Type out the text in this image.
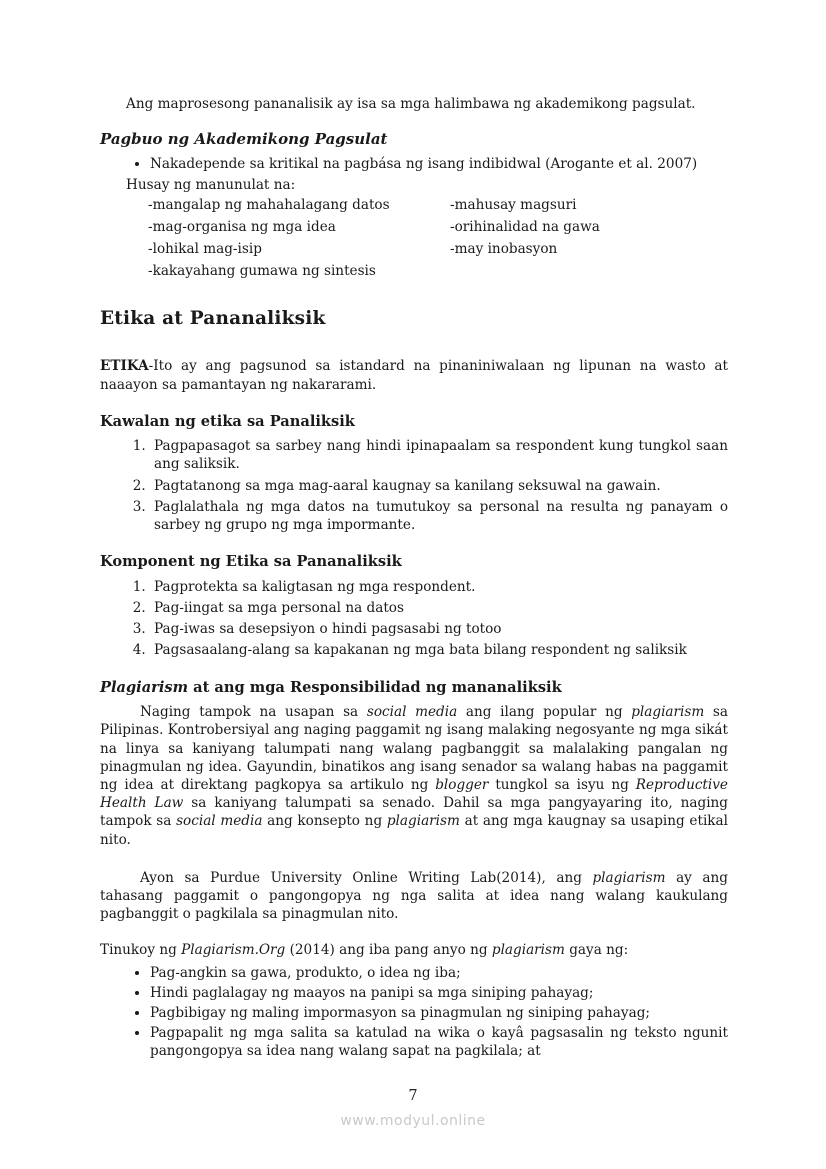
Ang maprosesong pananalisik ay isa sa mga halimbawa ng akademikong pagsulat.

Pagbuo ng Akademikong Pagsulat
• Nakadepende sa kritikal na pagbása ng isang indibidwal (Arogante et al. 2007)
Husay ng manunulat na:
-mangalap ng mahahalagang datos
-mag-organisa ng mga idea
-lohikal mag-isip
-kakayahang gumawa ng sintesis
-mahusay magsuri
-orihinalidad na gawa
-may inobasyon
Etika at Pananaliksik

ETIKA-Ito ay ang pagsunod sa istandard na pinaniniwalaan ng lipunan na wasto at naaayon sa pamantayan ng nakararami.

Kawalan ng etika sa Panaliksik
1. Pagpapasagot sa sarbey nang hindi ipinapaalam sa respondent kung tungkol saan ang saliksik.
2. Pagtatanong sa mga mag-aaral kaugnay sa kanilang seksuwal na gawain.
3. Paglalathala ng mga datos na tumutukoy sa personal na resulta ng panayam o sarbey ng grupo ng mga impormante.
Komponent ng Etika sa Pananaliksik
1. Pagprotekta sa kaligtasan ng mga respondent.
2. Pag-iingat sa mga personal na datos
3. Pag-iwas sa desepsiyon o hindi pagsasabi ng totoo
4. Pagsasaalang-alang sa kapakanan ng mga bata bilang respondent ng saliksik
Plagiarism at ang mga Responsibilidad ng mananaliksik

Naging tampok na usapan sa social media ang ilang popular ng plagiarism sa Pilipinas. Kontrobersiyal ang naging paggamit ng isang malaking negosyante ng mga sikát na linya sa kaniyang talumpati nang walang pagbanggit sa malalaking pangalan ng pinagmulan ng idea. Gayundin, binatikos ang isang senador sa walang habas na paggamit ng idea at direktang pagkopya sa artikulo ng blogger tungkol sa isyu ng Reproductive Health Law sa kaniyang talumpati sa senado. Dahil sa mga pangyayaring ito, naging tampok sa social media ang konsepto ng plagiarism at ang mga kaugnay sa usaping etikal nito.

Ayon sa Purdue University Online Writing Lab(2014), ang plagiarism ay ang tahasang paggamit o pangongopya ng nga salita at idea nang walang kaukulang pagbanggit o pagkilala sa pinagmulan nito.

Tinukoy ng Plagiarism.Org (2014) ang iba pang anyo ng plagiarism gaya ng:

• Pag-angkin sa gawa, produkto, o idea ng iba;
• Hindi paglalagay ng maayos na panipi sa mga siniping pahayag;
• Pagbibigay ng maling impormasyon sa pinagmulan ng siniping pahayag;
• Pagpapalit ng mga salita sa katulad na wika o kayâ pagsasalin ng teksto ngunit pangongopya sa idea nang walang sapat na pagkilala; at
7
www.modyul.online
